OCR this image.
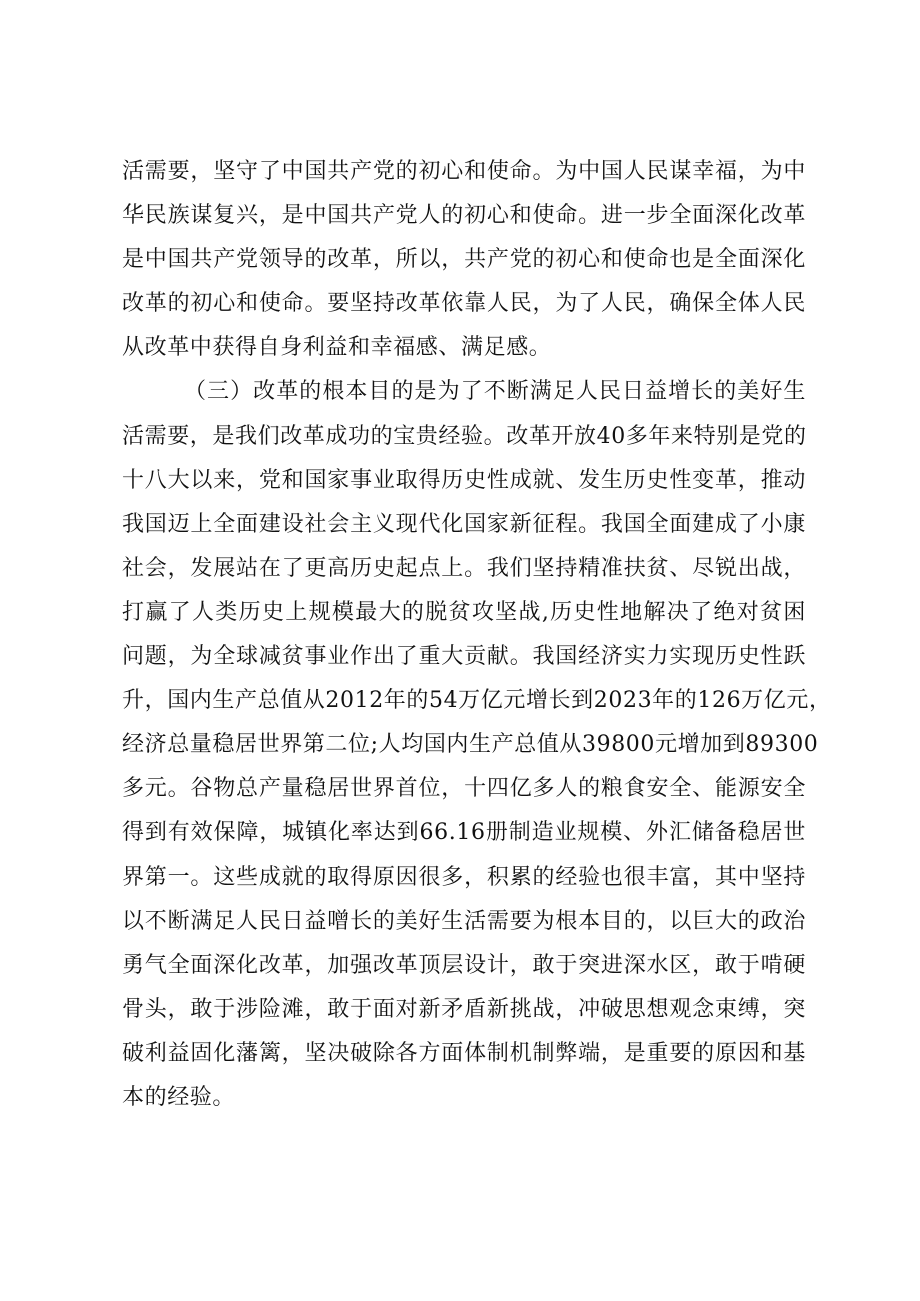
活需要，坚守了中国共产党的初心和使命。为中国人民谋幸福，为中
华民族谋复兴，是中国共产党人的初心和使命。进一步全面深化改革
是中国共产党领导的改革，所以，共产党的初心和使命也是全面深化
改革的初心和使命。要坚持改革依靠人民，为了人民，确保全体人民
从改革中获得自身利益和幸福感、满足感。
（三）改革的根本目的是为了不断满足人民日益增长的美好生
活需要，是我们改革成功的宝贵经验。改革开放40多年来特别是党的
十八大以来，党和国家事业取得历史性成就、发生历史性变革，推动
我国迈上全面建设社会主义现代化国家新征程。我国全面建成了小康
社会，发展站在了更高历史起点上。我们坚持精准扶贫、尽锐出战，
打赢了人类历史上规模最大的脱贫攻坚战,历史性地解决了绝对贫困
问题，为全球减贫事业作出了重大贡献。我国经济实力实现历史性跃
升，国内生产总值从2012年的54万亿元增长到2023年的126万亿元，
经济总量稳居世界第二位;人均国内生产总值从39800元增加到89300
多元。谷物总产量稳居世界首位，十四亿多人的粮食安全、能源安全
得到有效保障，城镇化率达到66.16册制造业规模、外汇储备稳居世
界第一。这些成就的取得原因很多，积累的经验也很丰富，其中坚持
以不断满足人民日益噌长的美好生活需要为根本目的，以巨大的政治
勇气全面深化改革，加强改革顶层设计，敢于突进深水区，敢于啃硬
骨头，敢于涉险滩，敢于面对新矛盾新挑战，冲破思想观念束缚，突
破利益固化藩篱，坚决破除各方面体制机制弊端，是重要的原因和基
本的经验。
